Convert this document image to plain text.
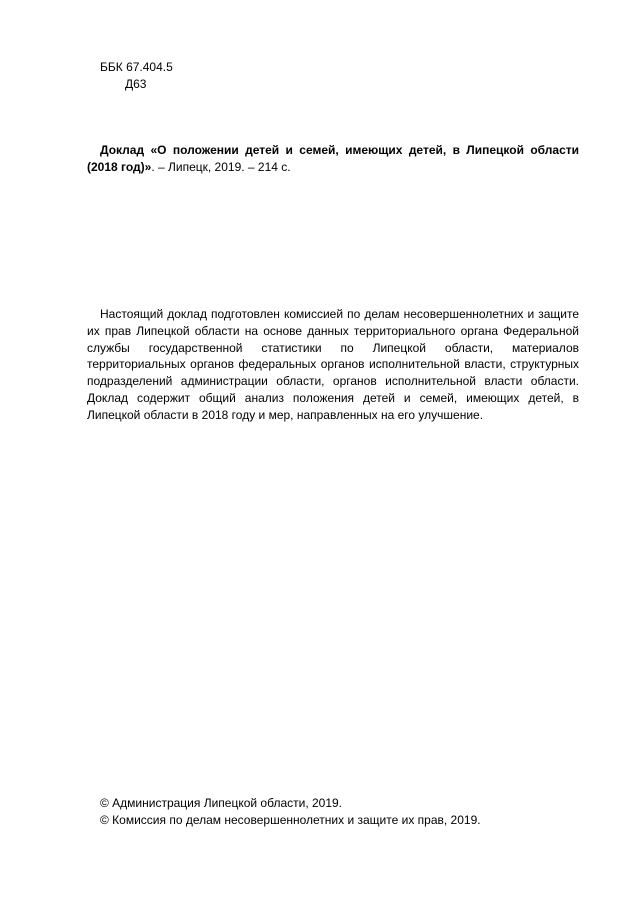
ББК 67.404.5
Д63

Доклад «О положении детей и семей, имеющих детей, в Липецкой области (2018 год)». – Липецк, 2019. – 214 с.

Настоящий доклад подготовлен комиссией по делам несовершеннолетних и защите их прав Липецкой области на основе данных территориального органа Федеральной службы государственной статистики по Липецкой области, материалов территориальных органов федеральных органов исполнительной власти, структурных подразделений администрации области, органов исполнительной власти области. Доклад содержит общий анализ положения детей и семей, имеющих детей, в Липецкой области в 2018 году и мер, направленных на его улучшение.

© Администрация Липецкой области, 2019.
© Комиссия по делам несовершеннолетних и защите их прав, 2019.
